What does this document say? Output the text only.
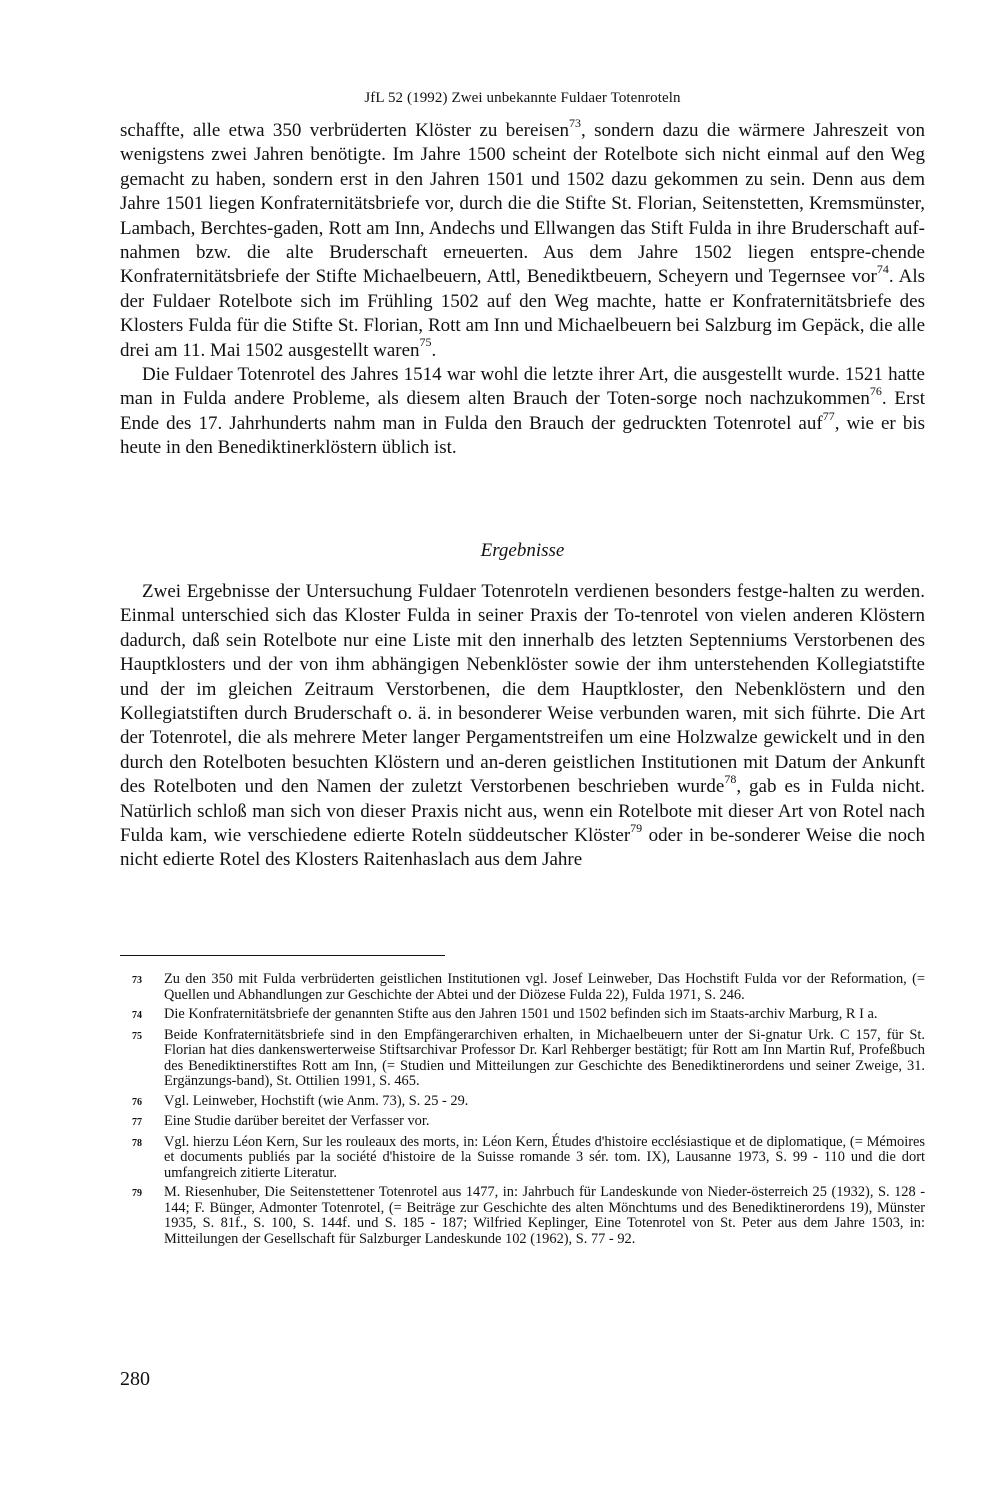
JfL 52 (1992) Zwei unbekannte Fuldaer Totenroteln

schaffte, alle etwa 350 verbrüderten Klöster zu bereisen$^{73}$, sondern dazu die wärmere Jahreszeit von wenigstens zwei Jahren benötigte. Im Jahre 1500 scheint der Rotelbote sich nicht einmal auf den Weg gemacht zu haben, sondern erst in den Jahren 1501 und 1502 dazu gekommen zu sein. Denn aus dem Jahre 1501 liegen Konfraternitätsbriefe vor, durch die die Stifte St. Florian, Seitenstetten, Kremsmünster, Lambach, Berchtes-gaden, Rott am Inn, Andechs und Ellwangen das Stift Fulda in ihre Bruderschaft auf-nahmen bzw. die alte Bruderschaft erneuerten. Aus dem Jahre 1502 liegen entspre-chende Konfraternitätsbriefe der Stifte Michaelbeuern, Attl, Benediktbeuern, Scheyern und Tegernsee vor$^{74}$. Als der Fuldaer Rotelbote sich im Frühling 1502 auf den Weg machte, hatte er Konfraternitätsbriefe des Klosters Fulda für die Stifte St. Florian, Rott am Inn und Michaelbeuern bei Salzburg im Gepäck, die alle drei am 11. Mai 1502 ausgestellt waren$^{75}$.

Die Fuldaer Totenrotel des Jahres 1514 war wohl die letzte ihrer Art, die ausgestellt wurde. 1521 hatte man in Fulda andere Probleme, als diesem alten Brauch der Toten-sorge noch nachzukommen$^{76}$. Erst Ende des 17. Jahrhunderts nahm man in Fulda den Brauch der gedruckten Totenrotel auf$^{77}$, wie er bis heute in den Benediktinerklöstern üblich ist.

Ergebnisse

Zwei Ergebnisse der Untersuchung Fuldaer Totenroteln verdienen besonders festge-halten zu werden. Einmal unterschied sich das Kloster Fulda in seiner Praxis der To-tenrotel von vielen anderen Klöstern dadurch, daß sein Rotelbote nur eine Liste mit den innerhalb des letzten Septenniums Verstorbenen des Hauptklosters und der von ihm abhängigen Nebenklöster sowie der ihm unterstehenden Kollegiatstifte und der im gleichen Zeitraum Verstorbenen, die dem Hauptkloster, den Nebenklöstern und den Kollegiatstiften durch Bruderschaft o. ä. in besonderer Weise verbunden waren, mit sich führte. Die Art der Totenrotel, die als mehrere Meter langer Pergamentstreifen um eine Holzwalze gewickelt und in den durch den Rotelboten besuchten Klöstern und an-deren geistlichen Institutionen mit Datum der Ankunft des Rotelboten und den Namen der zuletzt Verstorbenen beschrieben wurde$^{78}$, gab es in Fulda nicht. Natürlich schloß man sich von dieser Praxis nicht aus, wenn ein Rotelbote mit dieser Art von Rotel nach Fulda kam, wie verschiedene edierte Roteln süddeutscher Klöster$^{79}$ oder in be-sonderer Weise die noch nicht edierte Rotel des Klosters Raitenhaslach aus dem Jahre

73	Zu den 350 mit Fulda verbrüderten geistlichen Institutionen vgl. Josef Leinweber, Das Hochstift Fulda vor der Reformation, (= Quellen und Abhandlungen zur Geschichte der Abtei und der Diözese Fulda 22), Fulda 1971, S. 246.
74	Die Konfraternitätsbriefe der genannten Stifte aus den Jahren 1501 und 1502 befinden sich im Staats-archiv Marburg, R I a.
75	Beide Konfraternitätsbriefe sind in den Empfängerarchiven erhalten, in Michaelbeuern unter der Si-gnatur Urk. C 157, für St. Florian hat dies dankenswerterweise Stiftsarchivar Professor Dr. Karl Rehberger bestätigt; für Rott am Inn Martin Ruf, Profeßbuch des Benediktinerstiftes Rott am Inn, (= Studien und Mitteilungen zur Geschichte des Benediktinerordens und seiner Zweige, 31. Ergänzungs-band), St. Ottilien 1991, S. 465.
76	Vgl. Leinweber, Hochstift (wie Anm. 73), S. 25 - 29.
77	Eine Studie darüber bereitet der Verfasser vor.
78	Vgl. hierzu Léon Kern, Sur les rouleaux des morts, in: Léon Kern, Études d'histoire ecclésiastique et de diplomatique, (= Mémoires et documents publiés par la société d'histoire de la Suisse romande 3 sér. tom. IX), Lausanne 1973, S. 99 - 110 und die dort umfangreich zitierte Literatur.
79	M. Riesenhuber, Die Seitenstettener Totenrotel aus 1477, in: Jahrbuch für Landeskunde von Nieder-österreich 25 (1932), S. 128 - 144; F. Bünger, Admonter Totenrotel, (= Beiträge zur Geschichte des alten Mönchtums und des Benediktinerordens 19), Münster 1935, S. 81f., S. 100, S. 144f. und S. 185 - 187; Wilfried Keplinger, Eine Totenrotel von St. Peter aus dem Jahre 1503, in: Mitteilungen der Gesellschaft für Salzburger Landeskunde 102 (1962), S. 77 - 92.
280
